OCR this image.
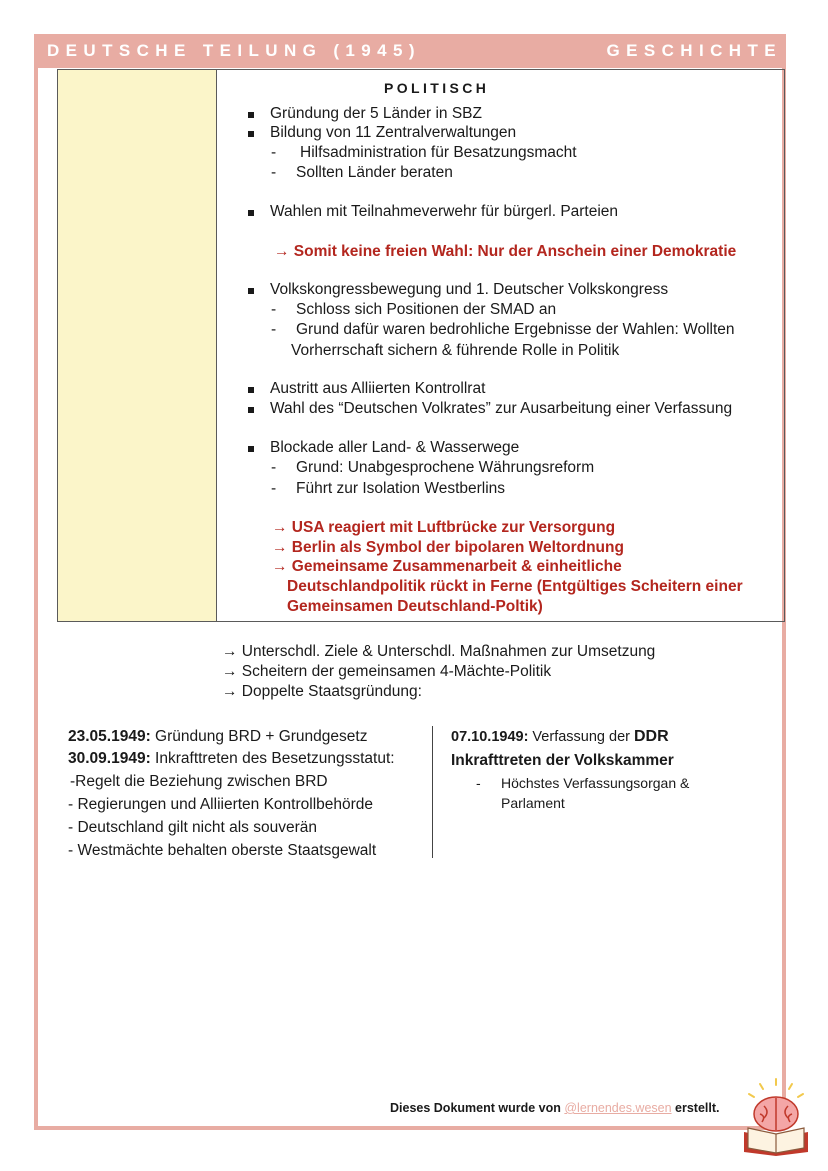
DEUTSCHE TEILUNG (1945)	GESCHICHTE
POLITISCH
Gründung der 5 Länder in SBZ
Bildung von 11 Zentralverwaltungen
- Hilfsadministration für Besatzungsmacht
- Sollten Länder beraten
Wahlen mit Teilnahmeverwehr für bürgerl. Parteien
→ Somit keine freien Wahl: Nur der Anschein einer Demokratie
Volkskongressbewegung und 1. Deutscher Volkskongress
- Schloss sich Positionen der SMAD an
- Grund dafür waren bedrohliche Ergebnisse der Wahlen: Wollten
Vorherrschaft sichern & führende Rolle in Politik
Austritt aus Alliierten Kontrollrat
Wahl des “Deutschen Volkrates” zur Ausarbeitung einer Verfassung
Blockade aller Land- & Wasserwege
- Grund: Unabgesprochene Währungsreform
- Führt zur Isolation Westberlins
→ USA reagiert mit Luftbrücke zur Versorgung
→ Berlin als Symbol der bipolaren Weltordnung
→ Gemeinsame Zusammenarbeit & einheitliche
Deutschlandpolitik rückt in Ferne (Entgültiges Scheitern einer
Gemeinsamen Deutschland-Poltik)
→ Unterschdl. Ziele & Unterschdl. Maßnahmen zur Umsetzung
→ Scheitern der gemeinsamen 4-Mächte-Politik
→ Doppelte Staatsgründung:
23.05.1949: Gründung BRD + Grundgesetz
30.09.1949: Inkrafttreten des Besetzungsstatut:
-Regelt die Beziehung zwischen BRD
- Regierungen und Alliierten Kontrollbehörde
- Deutschland gilt nicht als souverän
- Westmächte behalten oberste Staatsgewalt
07.10.1949: Verfassung der DDR
Inkrafttreten der Volkskammer
- Höchstes Verfassungsorgan &
Parlament
Dieses Dokument wurde von @lernendes.wesen erstellt.
